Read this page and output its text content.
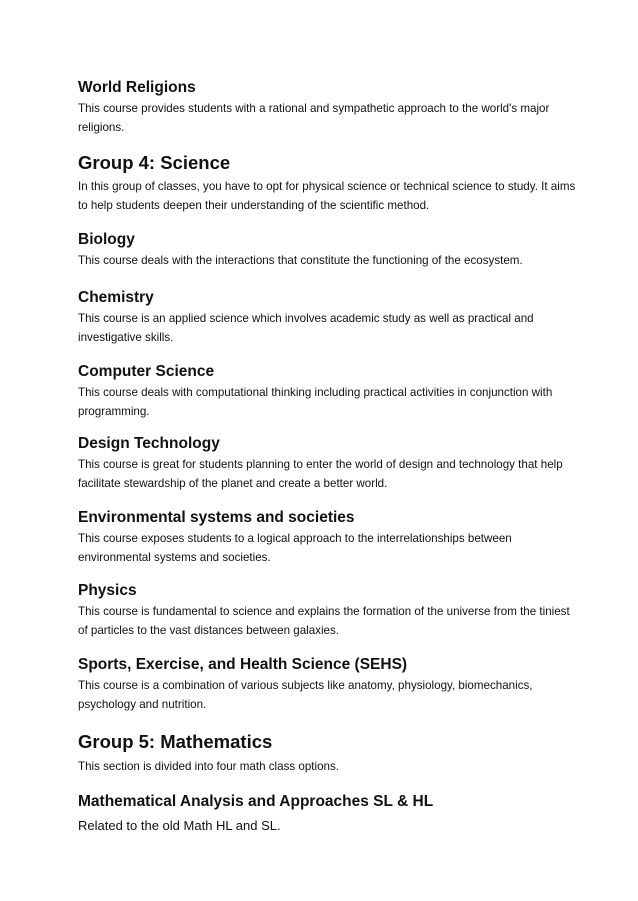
World Religions

This course provides students with a rational and sympathetic approach to the world's major religions.

Group 4: Science

In this group of classes, you have to opt for physical science or technical science to study. It aims to help students deepen their understanding of the scientific method.

Biology

This course deals with the interactions that constitute the functioning of the ecosystem.

Chemistry

This course is an applied science which involves academic study as well as practical and investigative skills.

Computer Science

This course deals with computational thinking including practical activities in conjunction with programming.

Design Technology

This course is great for students planning to enter the world of design and technology that help facilitate stewardship of the planet and create a better world.

Environmental systems and societies

This course exposes students to a logical approach to the interrelationships between environmental systems and societies.

Physics

This course is fundamental to science and explains the formation of the universe from the tiniest of particles to the vast distances between galaxies.

Sports, Exercise, and Health Science (SEHS)

This course is a combination of various subjects like anatomy, physiology, biomechanics, psychology and nutrition.

Group 5: Mathematics

This section is divided into four math class options.

Mathematical Analysis and Approaches SL & HL

Related to the old Math HL and SL.
